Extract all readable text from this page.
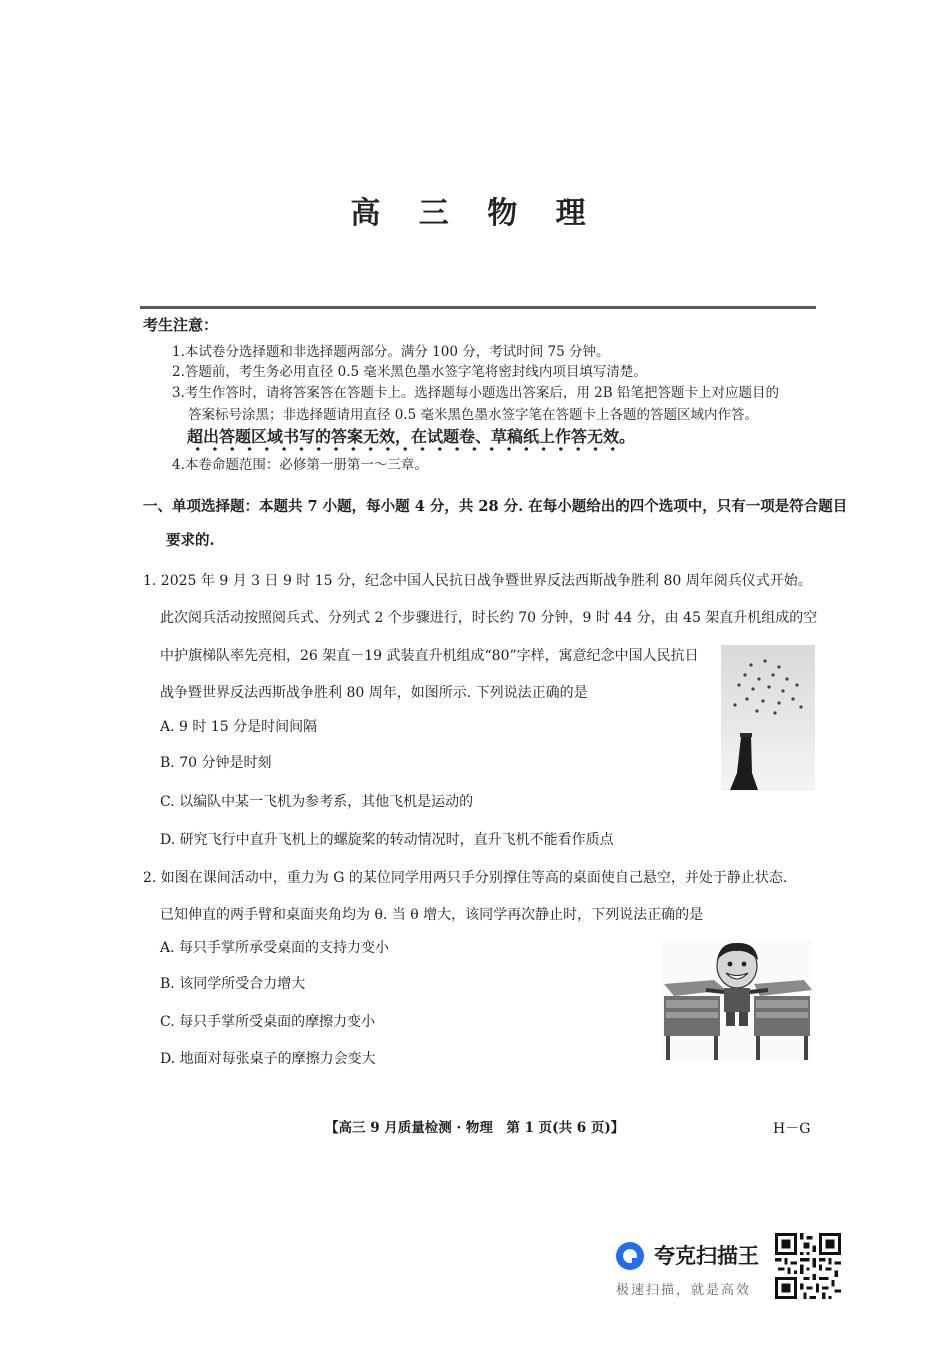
高 三 物 理
考生注意：
1.本试卷分选择题和非选择题两部分。满分 100 分，考试时间 75 分钟。
2.答题前，考生务必用直径 0.5 毫米黑色墨水签字笔将密封线内项目填写清楚。
3.考生作答时，请将答案答在答题卡上。选择题每小题选出答案后，用 2B 铅笔把答题卡上对应题目的
答案标号涂黑；非选择题请用直径 0.5 毫米黑色墨水签字笔在答题卡上各题的答题区域内作答。
超出答题区域书写的答案无效，在试题卷、草稿纸上作答无效。
4.本卷命题范围：必修第一册第一～三章。
一、单项选择题：本题共 7 小题，每小题 4 分，共 28 分. 在每小题给出的四个选项中，只有一项是符合题目
要求的.
1. 2025 年 9 月 3 日 9 时 15 分，纪念中国人民抗日战争暨世界反法西斯战争胜利 80 周年阅兵仪式开始。
此次阅兵活动按照阅兵式、分列式 2 个步骤进行，时长约 70 分钟，9 时 44 分，由 45 架直升机组成的空
中护旗梯队率先亮相，26 架直－19 武装直升机组成“80”字样，寓意纪念中国人民抗日
战争暨世界反法西斯战争胜利 80 周年，如图所示. 下列说法正确的是
A. 9 时 15 分是时间间隔
B. 70 分钟是时刻
C. 以编队中某一飞机为参考系，其他飞机是运动的
D. 研究飞行中直升飞机上的螺旋桨的转动情况时，直升飞机不能看作质点
2. 如图在课间活动中，重力为 G 的某位同学用两只手分别撑住等高的桌面使自己悬空，并处于静止状态.
已知伸直的两手臂和桌面夹角均为 θ. 当 θ 增大，该同学再次静止时，下列说法正确的是
A. 每只手掌所承受桌面的支持力变小
B. 该同学所受合力增大
C. 每只手掌所受桌面的摩擦力变小
D. 地面对每张桌子的摩擦力会变大
【高三 9 月质量检测 · 物理　第 1 页(共 6 页)】	H－G
夸克扫描王
极速扫描，就是高效
